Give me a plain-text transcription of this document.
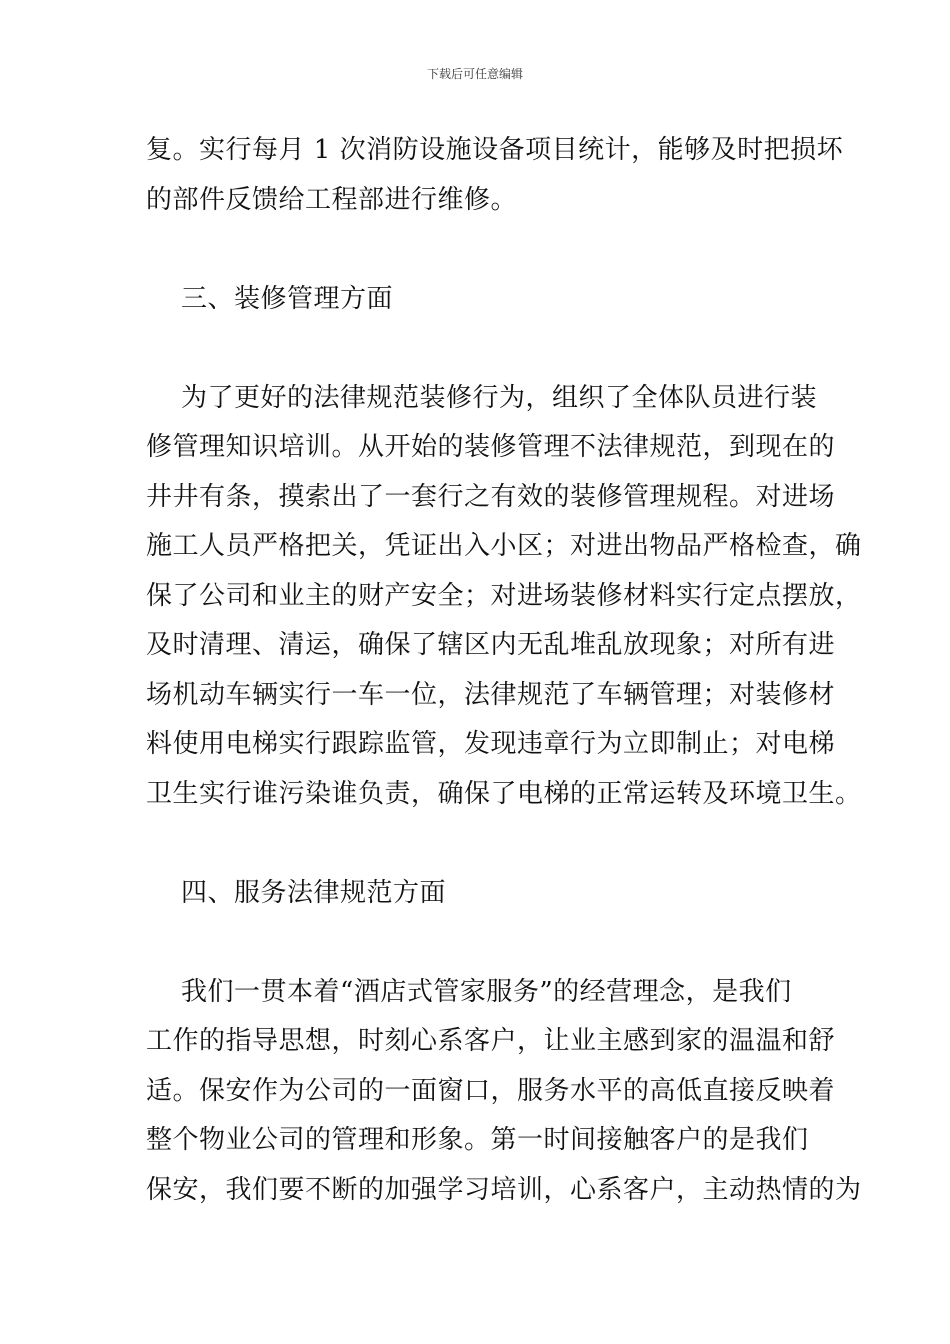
下载后可任意编辑

复。实行每月 1 次消防设施设备项目统计，能够及时把损坏
的部件反馈给工程部进行维修。

三、装修管理方面

为了更好的法律规范装修行为，组织了全体队员进行装
修管理知识培训。从开始的装修管理不法律规范，到现在的
井井有条，摸索出了一套行之有效的装修管理规程。对进场
施工人员严格把关，凭证出入小区；对进出物品严格检查，确
保了公司和业主的财产安全；对进场装修材料实行定点摆放，
及时清理、清运，确保了辖区内无乱堆乱放现象；对所有进
场机动车辆实行一车一位，法律规范了车辆管理；对装修材
料使用电梯实行跟踪监管，发现违章行为立即制止；对电梯
卫生实行谁污染谁负责，确保了电梯的正常运转及环境卫生。

四、服务法律规范方面

我们一贯本着“酒店式管家服务”的经营理念，是我们
工作的指导思想，时刻心系客户，让业主感到家的温温和舒
适。保安作为公司的一面窗口，服务水平的高低直接反映着
整个物业公司的管理和形象。第一时间接触客户的是我们
保安，我们要不断的加强学习培训，心系客户，主动热情的为
